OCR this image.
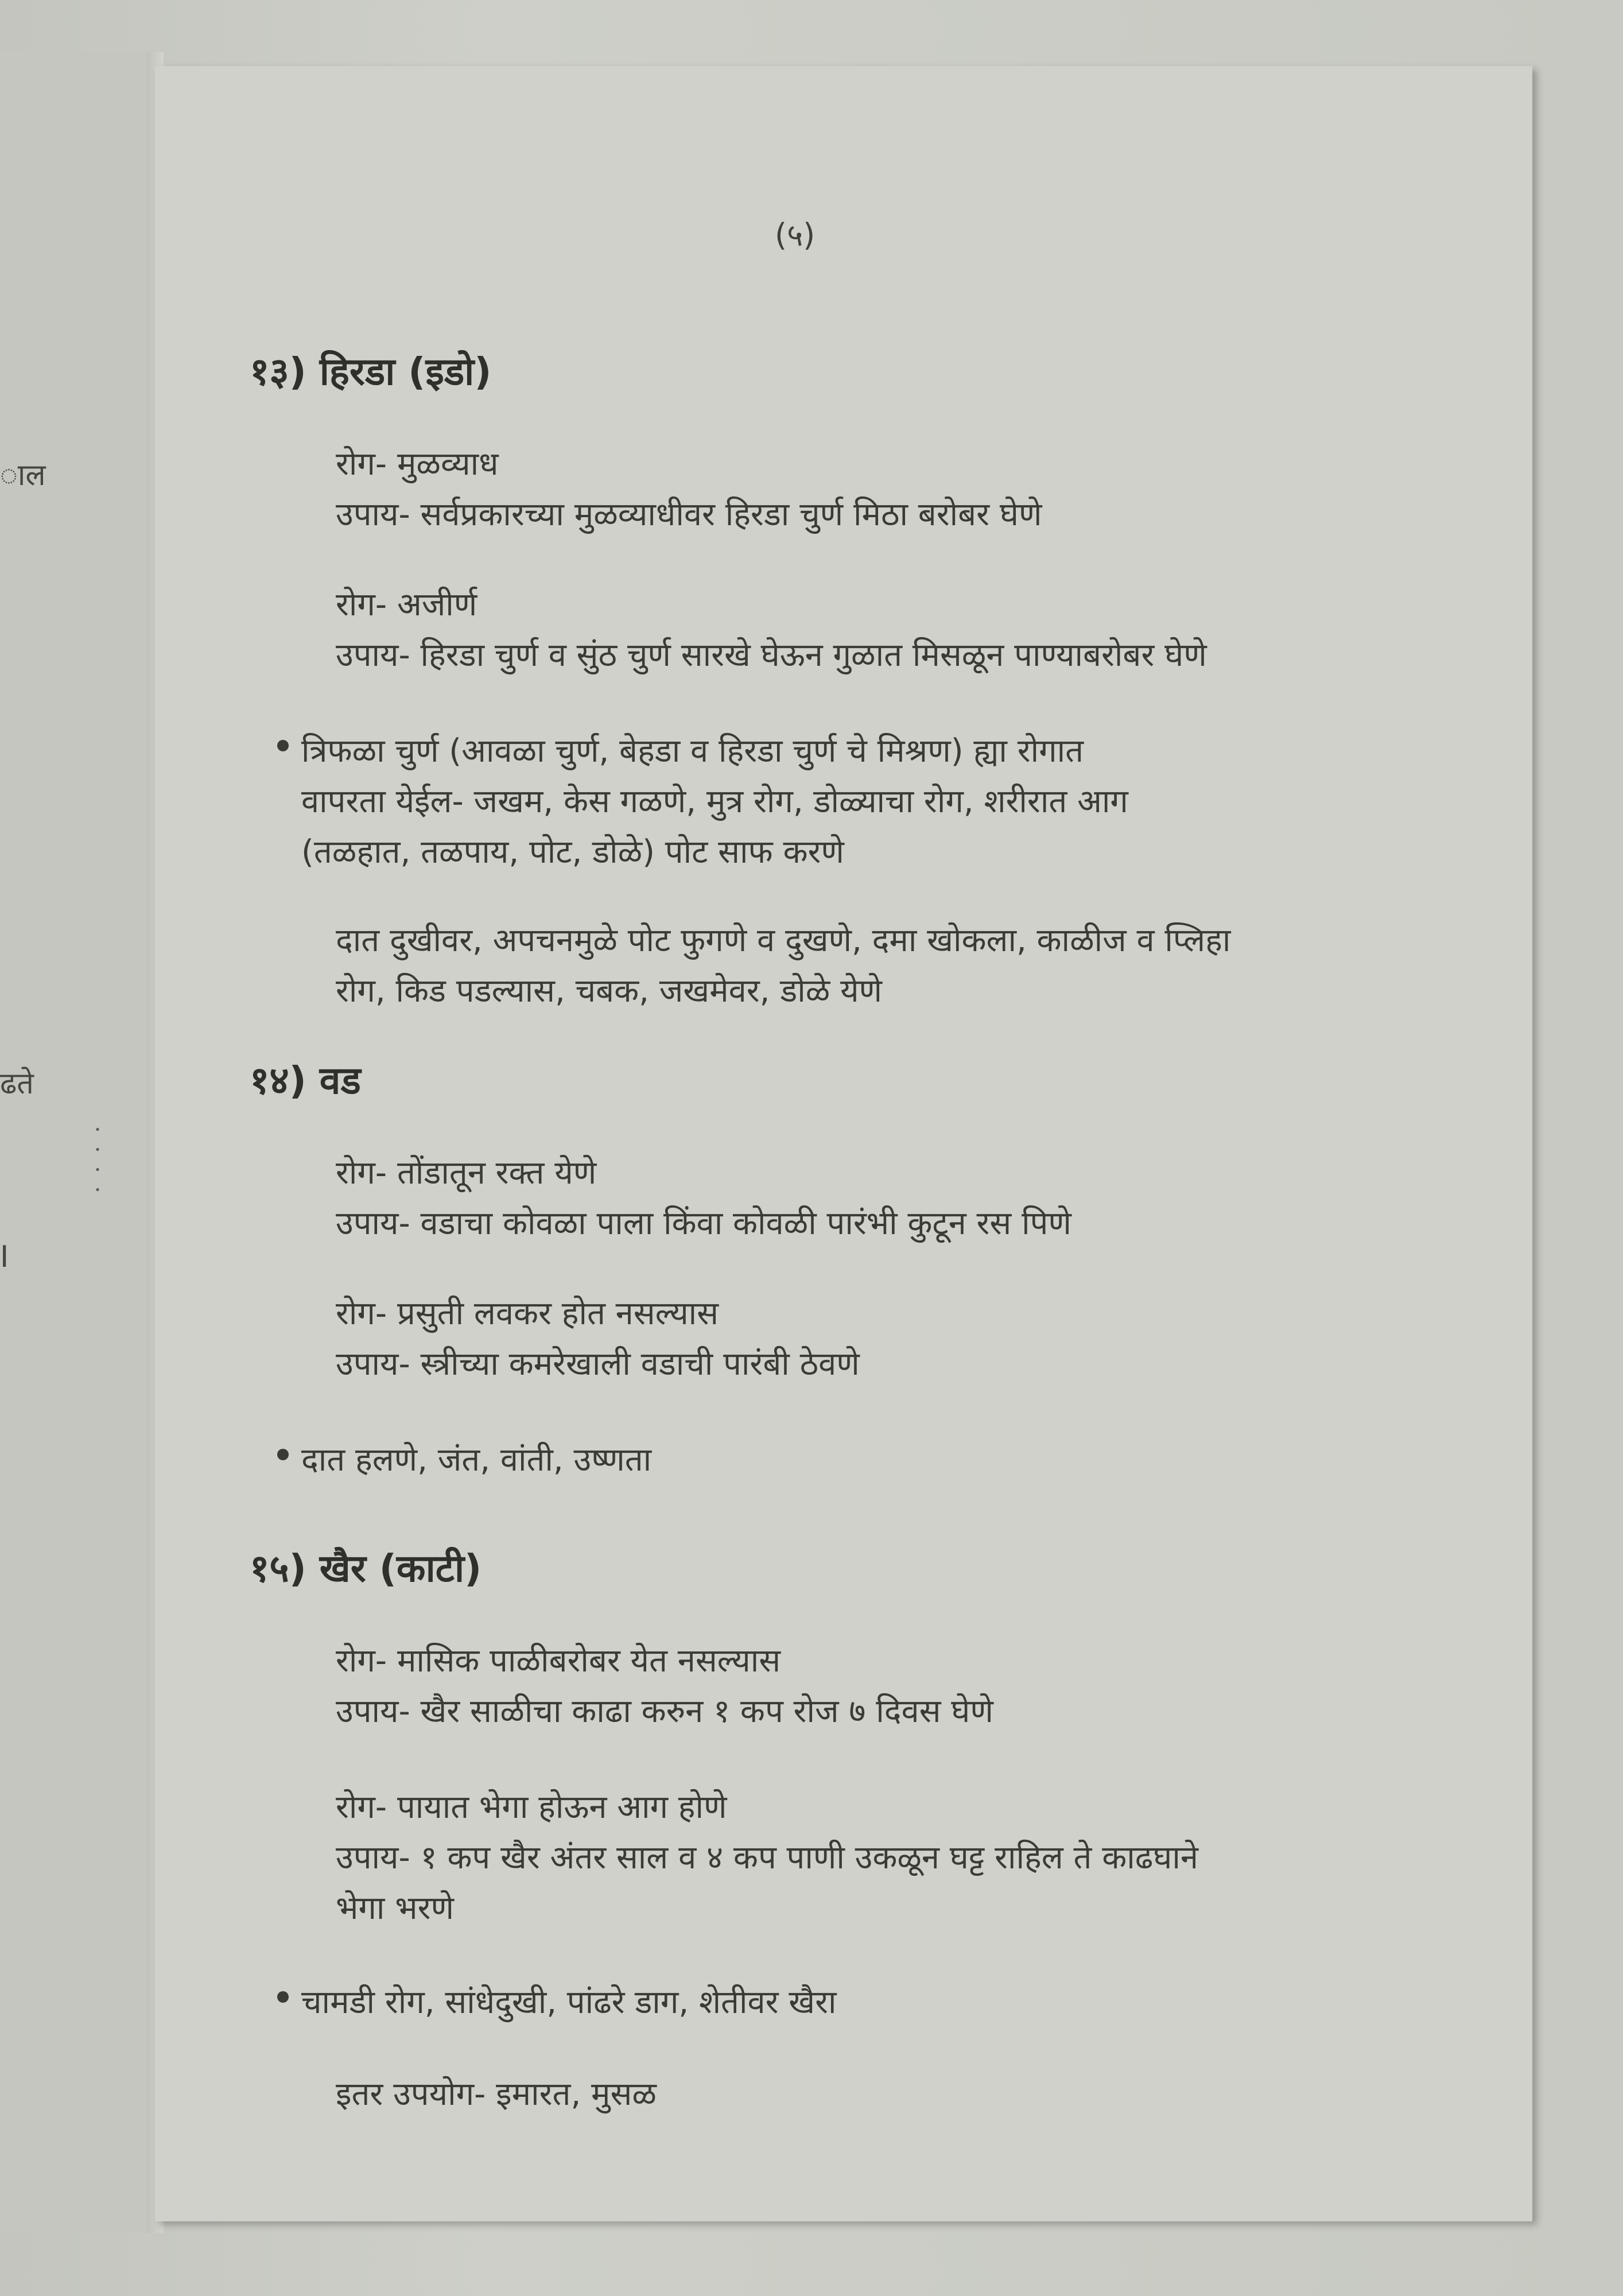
ाल
ढते
I
(५)
१३) हिरडा (इडो)
रोग- मुळव्याध
उपाय- सर्वप्रकारच्या मुळव्याधीवर हिरडा चुर्ण मिठा बरोबर घेणे
रोग- अजीर्ण
उपाय- हिरडा चुर्ण व सुंठ चुर्ण सारखे घेऊन गुळात मिसळून पाण्याबरोबर घेणे
त्रिफळा चुर्ण (आवळा चुर्ण, बेहडा व हिरडा चुर्ण चे मिश्रण) ह्या रोगात
वापरता येईल- जखम, केस गळणे, मुत्र रोग, डोळ्याचा रोग, शरीरात आग
(तळहात, तळपाय, पोट, डोळे) पोट साफ करणे
दात दुखीवर, अपचनमुळे पोट फुगणे व दुखणे, दमा खोकला, काळीज व प्लिहा
रोग, किड पडल्यास, चबक, जखमेवर, डोळे येणे
१४) वड
रोग- तोंडातून रक्त येणे
उपाय- वडाचा कोवळा पाला किंवा कोवळी पारंभी कुटून रस पिणे
रोग- प्रसुती लवकर होत नसल्यास
उपाय- स्त्रीच्या कमरेखाली वडाची पारंबी ठेवणे
दात हलणे, जंत, वांती, उष्णता
१५) खैर (काटी)
रोग- मासिक पाळीबरोबर येत नसल्यास
उपाय- खैर साळीचा काढा करुन १ कप रोज ७ दिवस घेणे
रोग- पायात भेगा होऊन आग होणे
उपाय- १ कप खैर अंतर साल व ४ कप पाणी उकळून घट्ट राहिल ते काढघाने
भेगा भरणे
चामडी रोग, सांधेदुखी, पांढरे डाग, शेतीवर खैरा
इतर उपयोग- इमारत, मुसळ
